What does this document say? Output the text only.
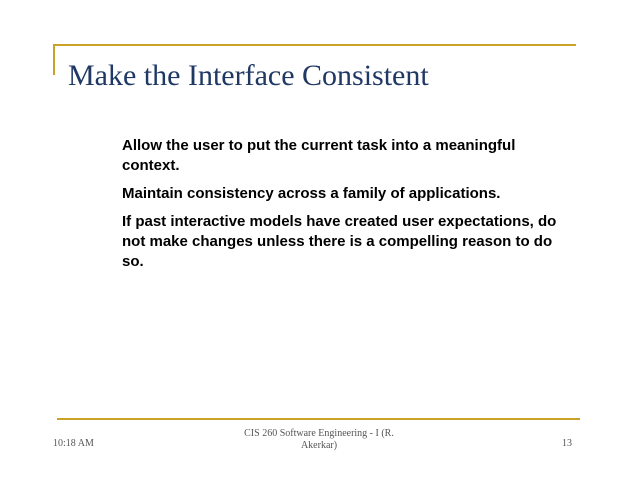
Make the Interface Consistent
Allow the user to put the current task into a meaningful context.
Maintain consistency across a family of applications.
If past interactive models have created user expectations, do not make changes unless there is a compelling reason to do so.
10:18 AM
CIS 260 Software Engineering - I (R. Akerkar)	13
